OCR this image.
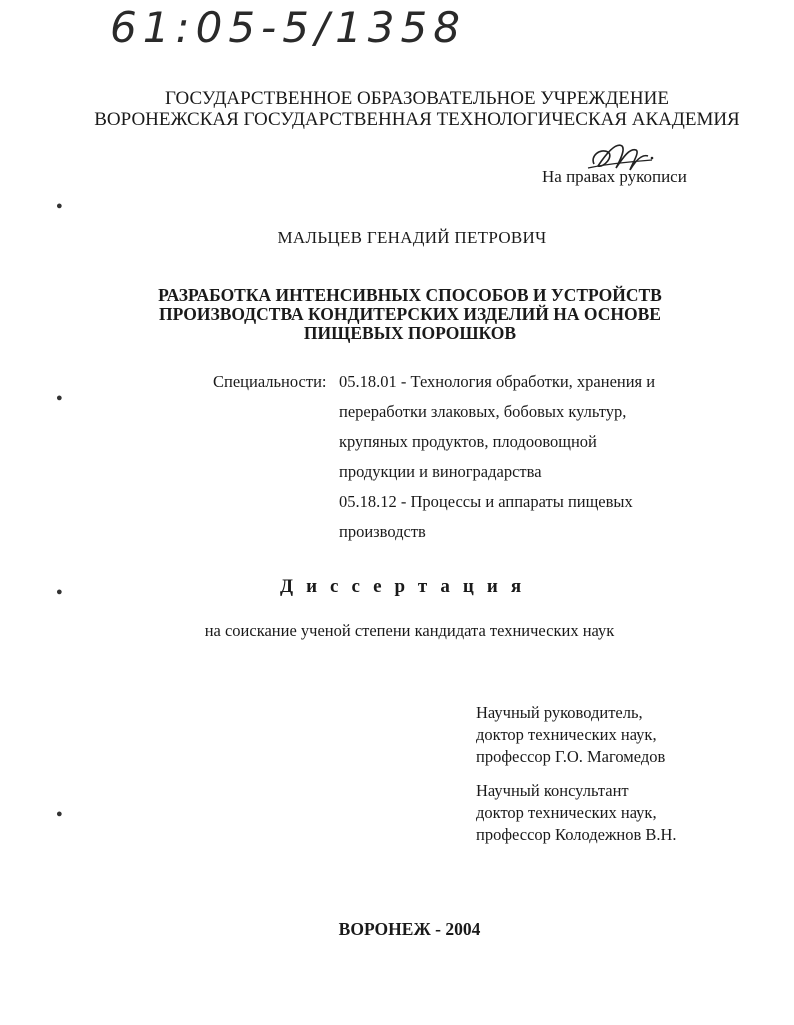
61:05-5/1358
ГОСУДАРСТВЕННОЕ ОБРАЗОВАТЕЛЬНОЕ УЧРЕЖДЕНИЕ
ВОРОНЕЖСКАЯ ГОСУДАРСТВЕННАЯ ТЕХНОЛОГИЧЕСКАЯ АКАДЕМИЯ
На правах рукописи
МАЛЬЦЕВ ГЕНАДИЙ ПЕТРОВИЧ
РАЗРАБОТКА ИНТЕНСИВНЫХ СПОСОБОВ И УСТРОЙСТВ
ПРОИЗВОДСТВА КОНДИТЕРСКИХ ИЗДЕЛИЙ НА ОСНОВЕ
ПИЩЕВЫХ ПОРОШКОВ
Специальности: 05.18.01 - Технология обработки, хранения и
переработки злаковых, бобовых культур,
крупяных продуктов, плодоовощной
продукции и виноградарства
05.18.12 - Процессы и аппараты пищевых
производств
Диссертация
на соискание ученой степени кандидата технических наук
Научный руководитель,
доктор технических наук,
профессор Г.О. Магомедов
Научный консультант
доктор технических наук,
профессор Колодежнов В.Н.
ВОРОНЕЖ - 2004
●
●
●
●
